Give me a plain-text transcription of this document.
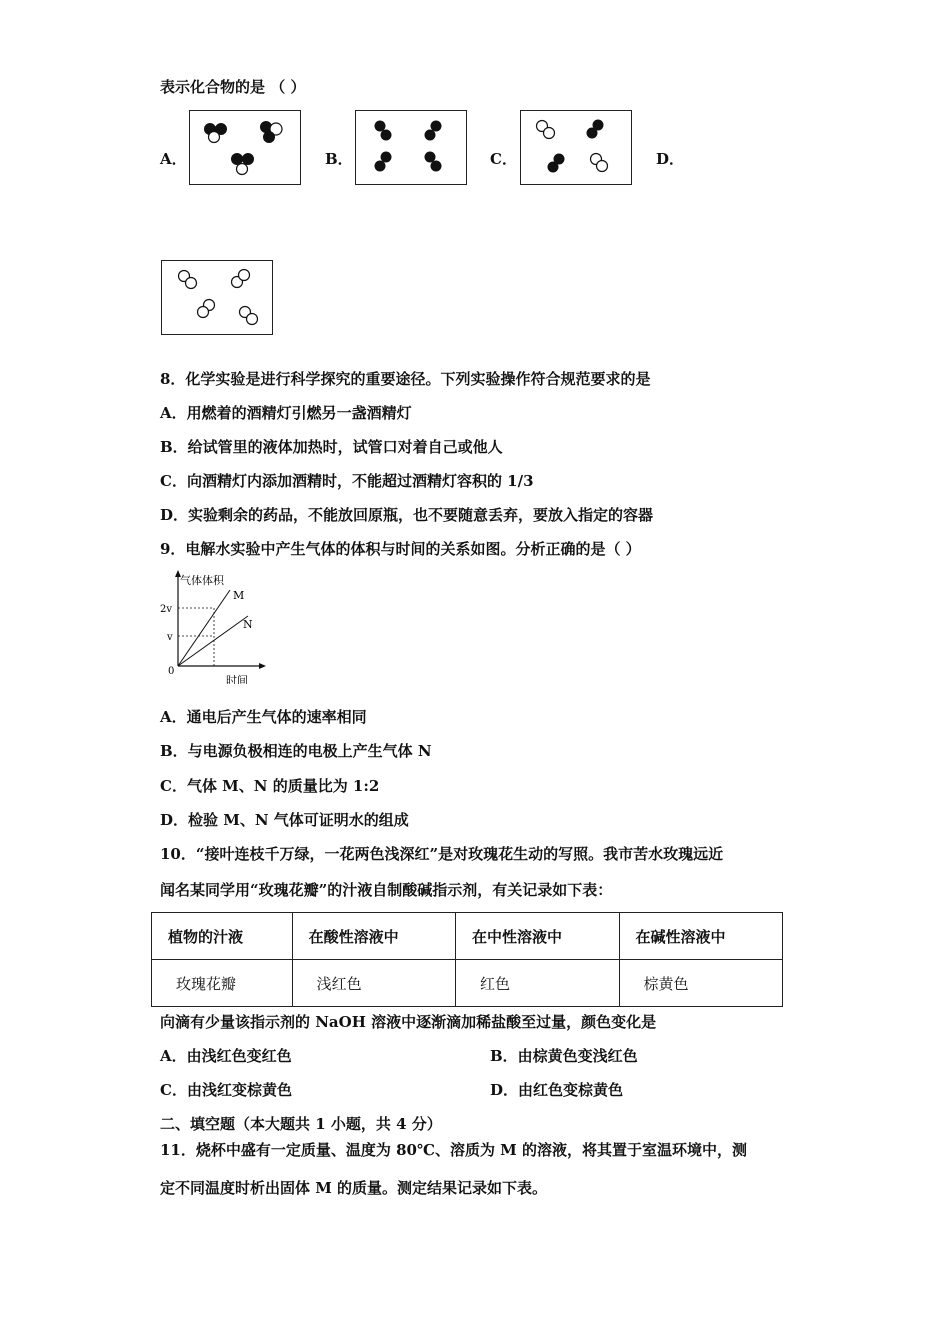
表示化合物的是 （ ）
A．	B．	C．	D．
8．化学实验是进行科学探究的重要途径。下列实验操作符合规范要求的是
A．用燃着的酒精灯引燃另一盏酒精灯
B．给试管里的液体加热时，试管口对着自己或他人
C．向酒精灯内添加酒精时，不能超过酒精灯容积的 1/3
D．实验剩余的药品，不能放回原瓶，也不要随意丢弃，要放入指定的容器
9．电解水实验中产生气体的体积与时间的关系如图。分析正确的是（ ）
气体体积
时间
0
2v
v
M
N
A．通电后产生气体的速率相同
B．与电源负极相连的电极上产生气体 N
C．气体 M、N 的质量比为 1:2
D．检验 M、N 气体可证明水的组成
10．“接叶连枝千万绿，一花两色浅深红”是对玫瑰花生动的写照。我市苦水玫瑰远近
闻名某同学用“玫瑰花瓣”的汁液自制酸碱指示剂，有关记录如下表：
植物的汁液	在酸性溶液中	在中性溶液中	在碱性溶液中
玫瑰花瓣	浅红色	红色	棕黄色
向滴有少量该指示剂的 NaOH 溶液中逐渐滴加稀盐酸至过量，颜色变化是
A．由浅红色变红色	B．由棕黄色变浅红色
C．由浅红变棕黄色	D．由红色变棕黄色
二、填空题（本大题共 1 小题，共 4 分）
11．烧杯中盛有一定质量、温度为 80℃、溶质为 M 的溶液，将其置于室温环境中，测
定不同温度时析出固体 M 的质量。测定结果记录如下表。
